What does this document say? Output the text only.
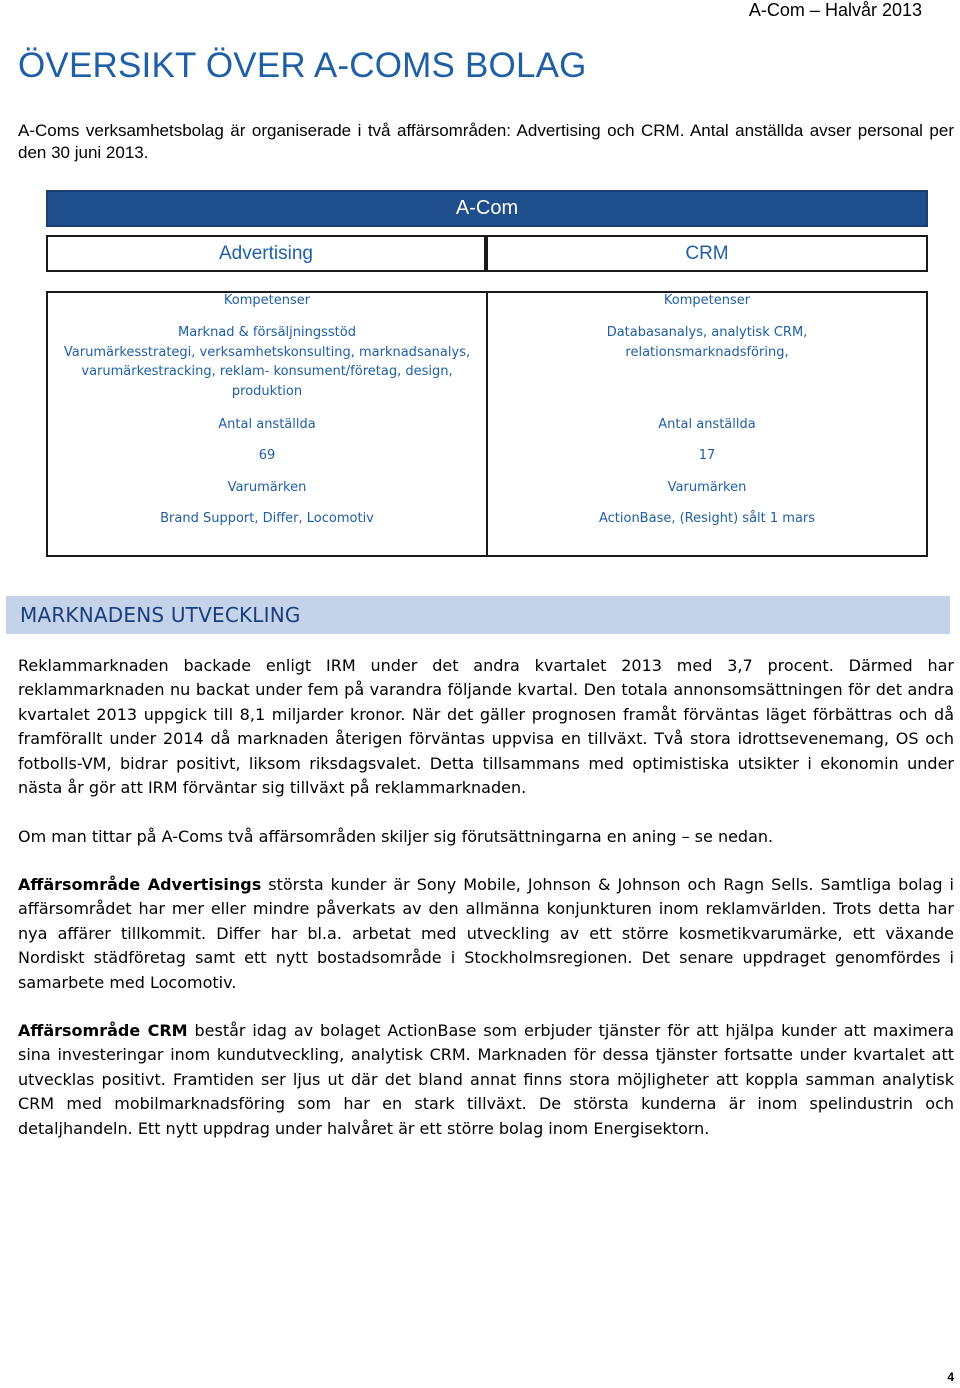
A-Com – Halvår 2013
ÖVERSIKT ÖVER A-COMS BOLAG

A-Coms verksamhetsbolag är organiserade i två affärsområden: Advertising och CRM. Antal anställda avser personal per den 30 juni 2013.

A-Com
Advertising	CRM
Kompetenser
Marknad & försäljningsstöd
Varumärkesstrategi, verksamhetskonsulting, marknadsanalys,
varumärkestracking, reklam- konsument/företag, design,
produktion
Antal anställda
69
Varumärken
Brand Support, Differ, Locomotiv
Kompetenser
Databasanalys, analytisk CRM,
relationsmarknadsföring,
Antal anställda
17
Varumärken
ActionBase, (Resight) sålt 1 mars
MARKNADENS UTVECKLING

Reklammarknaden backade enligt IRM under det andra kvartalet 2013 med 3,7 procent. Därmed har reklammarknaden nu backat under fem på varandra följande kvartal. Den totala annonsomsättningen för det andra kvartalet 2013 uppgick till 8,1 miljarder kronor. När det gäller prognosen framåt förväntas läget förbättras och då framförallt under 2014 då marknaden återigen förväntas uppvisa en tillväxt. Två stora idrottsevenemang, OS och fotbolls-VM, bidrar positivt, liksom riksdagsvalet. Detta tillsammans med optimistiska utsikter i ekonomin under nästa år gör att IRM förväntar sig tillväxt på reklammarknaden.

Om man tittar på A-Coms två affärsområden skiljer sig förutsättningarna en aning – se nedan.

Affärsområde Advertisings största kunder är Sony Mobile, Johnson & Johnson och Ragn Sells. Samtliga bolag i affärsområdet har mer eller mindre påverkats av den allmänna konjunkturen inom reklamvärlden. Trots detta har nya affärer tillkommit. Differ har bl.a. arbetat med utveckling av ett större kosmetikvarumärke, ett växande Nordiskt städföretag samt ett nytt bostadsområde i Stockholmsregionen. Det senare uppdraget genomfördes i samarbete med Locomotiv.

Affärsområde CRM består idag av bolaget ActionBase som erbjuder tjänster för att hjälpa kunder att maximera sina investeringar inom kundutveckling, analytisk CRM. Marknaden för dessa tjänster fortsatte under kvartalet att utvecklas positivt. Framtiden ser ljus ut där det bland annat finns stora möjligheter att koppla samman analytisk CRM med mobilmarknadsföring som har en stark tillväxt. De största kunderna är inom spelindustrin och detaljhandeln. Ett nytt uppdrag under halvåret är ett större bolag inom Energisektorn.

4
